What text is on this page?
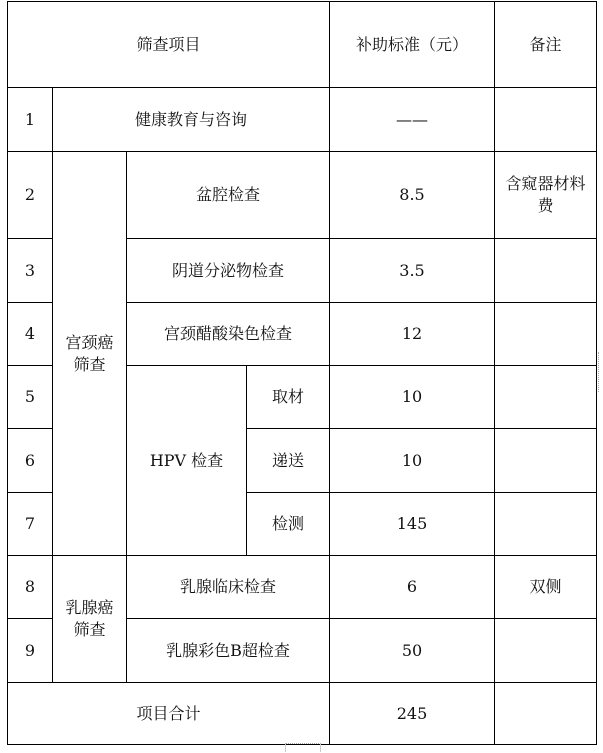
筛查项目				补助标准（元）	备注
1	健康教育与咨询			——	
2	宫颈癌筛查	盆腔检查		8.5	含窥器材料费

3		阴道分泌物检查		3.5	
4		宫颈醋酸染色检查		12	
5		HPV 检查	取材	10	
6			递送	10	
7			检测	145	
8	乳腺癌筛查	乳腺临床检查		6	双侧
9		乳腺彩色B超检查		50	
项目合计				245	
